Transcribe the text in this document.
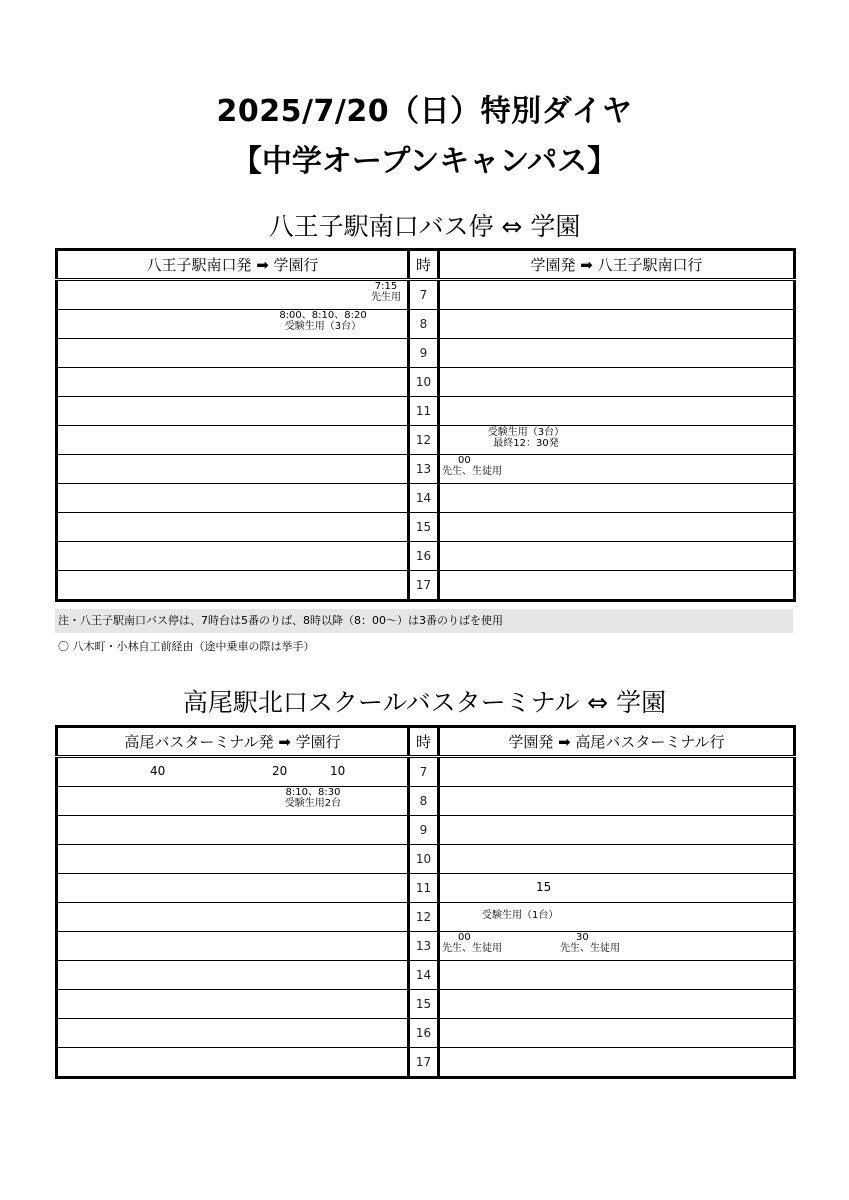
2025/7/20（日）特別ダイヤ
【中学オープンキャンパス】
八王子駅南口バス停 ⇔ 学園
八王子駅南口発 ➡ 学園行	時	学園発 ➡ 八王子駅南口行

7:15
先生用	7	

8:00、8:10、8:20
受験生用（3台）	8	
	9	
	10	
	11	
	12	受験生用（3台）
最終12：30発

	13	00
先生、生徒用

	14	
	15	
	16	
	17	
注・八王子駅南口バス停は、7時台は5番のりば、8時以降（8：00～）は3番のりばを使用
〇 八木町・小林自工前経由（途中乗車の際は挙手）
高尾駅北口スクールバスターミナル ⇔ 学園
高尾バスターミナル発 ➡ 学園行	時	学園発 ➡ 高尾バスターミナル行

40 20 10	7	

8:10、8:30
受験生用2台	8	
	9	
	10	
	11	15

	12	受験生用（1台）

	13	00
先生、生徒用
30
先生、生徒用

	14	
	15	
	16	
	17	
